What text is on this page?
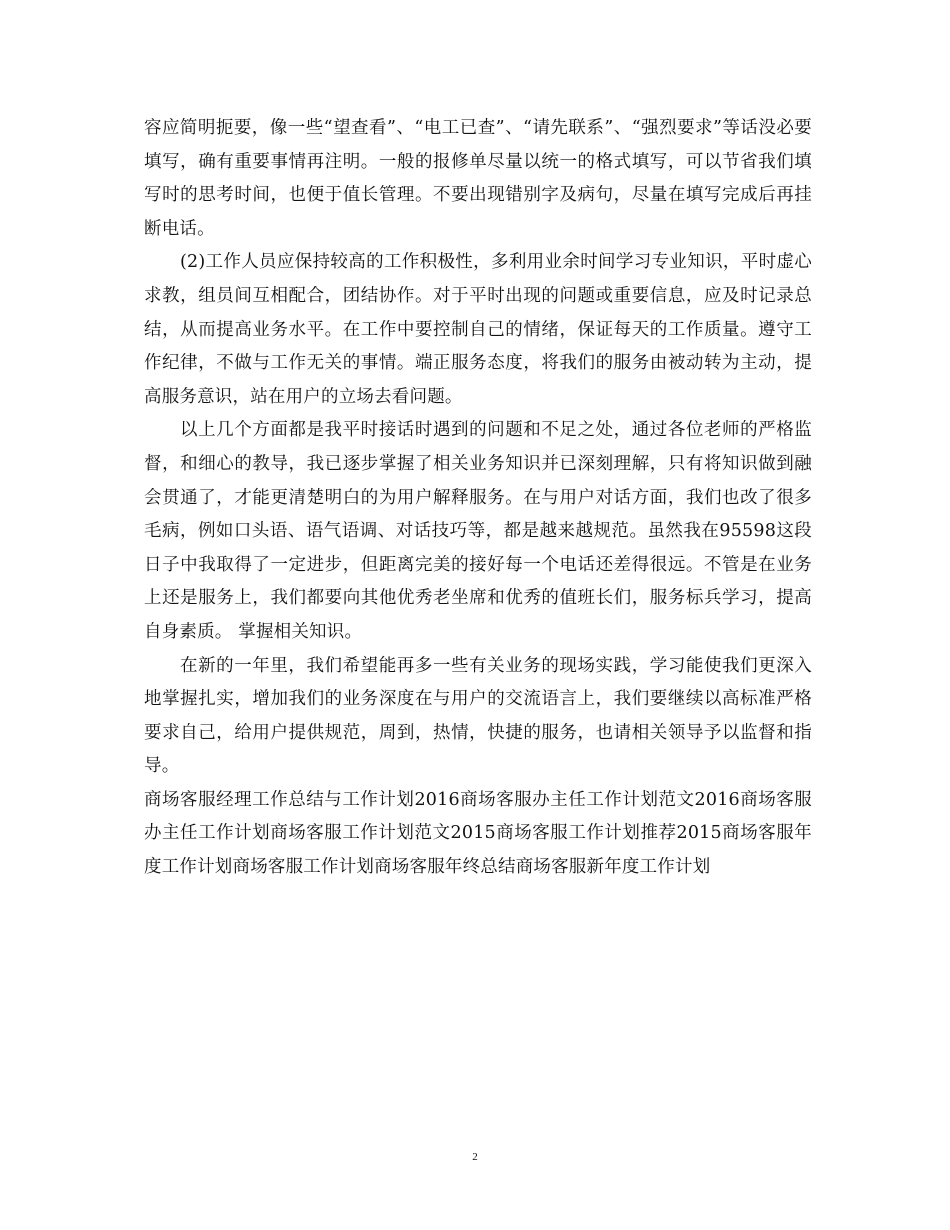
容应简明扼要，像一些“望查看”、“电工已查”、“请先联系”、“强烈要求”等话没必要填写，确有重要事情再注明。一般的报修单尽量以统一的格式填写，可以节省我们填写时的思考时间，也便于值长管理。不要出现错别字及病句，尽量在填写完成后再挂断电话。

(2)工作人员应保持较高的工作积极性，多利用业余时间学习专业知识，平时虚心求教，组员间互相配合，团结协作。对于平时出现的问题或重要信息，应及时记录总结，从而提高业务水平。在工作中要控制自己的情绪，保证每天的工作质量。遵守工作纪律，不做与工作无关的事情。端正服务态度，将我们的服务由被动转为主动，提高服务意识，站在用户的立场去看问题。

以上几个方面都是我平时接话时遇到的问题和不足之处，通过各位老师的严格监督，和细心的教导，我已逐步掌握了相关业务知识并已深刻理解，只有将知识做到融会贯通了，才能更清楚明白的为用户解释服务。在与用户对话方面，我们也改了很多毛病，例如口头语、语气语调、对话技巧等，都是越来越规范。虽然我在95598这段日子中我取得了一定进步，但距离完美的接好每一个电话还差得很远。不管是在业务上还是服务上，我们都要向其他优秀老坐席和优秀的值班长们，服务标兵学习，提高自身素质。 掌握相关知识。

在新的一年里，我们希望能再多一些有关业务的现场实践，学习能使我们更深入地掌握扎实，增加我们的业务深度在与用户的交流语言上，我们要继续以高标准严格要求自己，给用户提供规范，周到，热情，快捷的服务，也请相关领导予以监督和指导。

商场客服经理工作总结与工作计划2016商场客服办主任工作计划范文2016商场客服办主任工作计划商场客服工作计划范文2015商场客服工作计划推荐2015商场客服年度工作计划商场客服工作计划商场客服年终总结商场客服新年度工作计划

2
